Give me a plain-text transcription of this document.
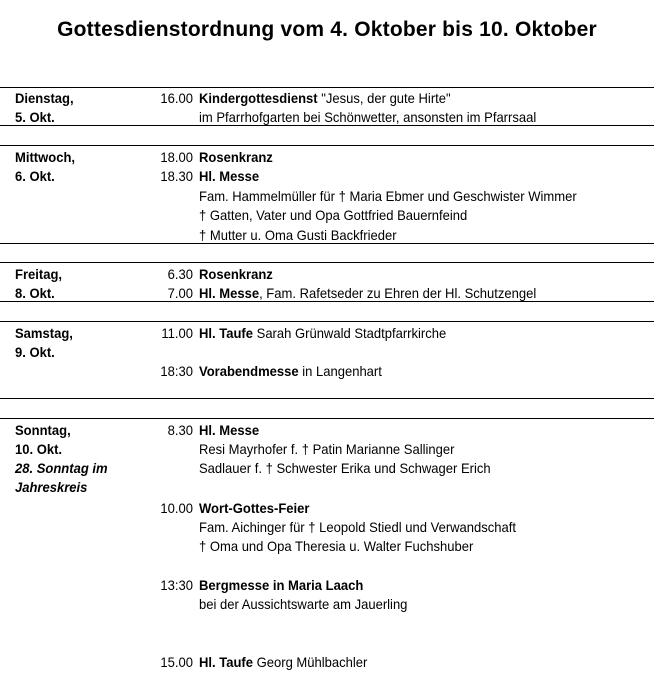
Gottesdienstordnung vom 4. Oktober bis 10. Oktober
Dienstag,
5. Okt.
16.00 Kindergottesdienst "Jesus, der gute Hirte"
im Pfarrhofgarten bei Schönwetter, ansonsten im Pfarrsaal
Mittwoch,
6. Okt.
18.00 Rosenkranz
18.30 Hl. Messe
Fam. Hammelmüller für † Maria Ebmer und Geschwister Wimmer
† Gatten, Vater und Opa Gottfried Bauernfeind
† Mutter u. Oma Gusti Backfrieder
Freitag,
8. Okt.
6.30 Rosenkranz
7.00 Hl. Messe, Fam. Rafetseder zu Ehren der Hl. Schutzengel
Samstag,
9. Okt.
11.00 Hl. Taufe Sarah Grünwald Stadtpfarrkirche
18:30 Vorabendmesse in Langenhart
Sonntag,
10. Okt.
28. Sonntag im
Jahreskreis
8.30 Hl. Messe
Resi Mayrhofer f. † Patin Marianne Sallinger
Sadlauer f. † Schwester Erika und Schwager Erich
10.00 Wort-Gottes-Feier
Fam. Aichinger für † Leopold Stiedl und Verwandschaft
† Oma und Opa Theresia u. Walter Fuchshuber
13:30 Bergmesse in Maria Laach
bei der Aussichtswarte am Jauerling
15.00 Hl. Taufe Georg Mühlbachler
